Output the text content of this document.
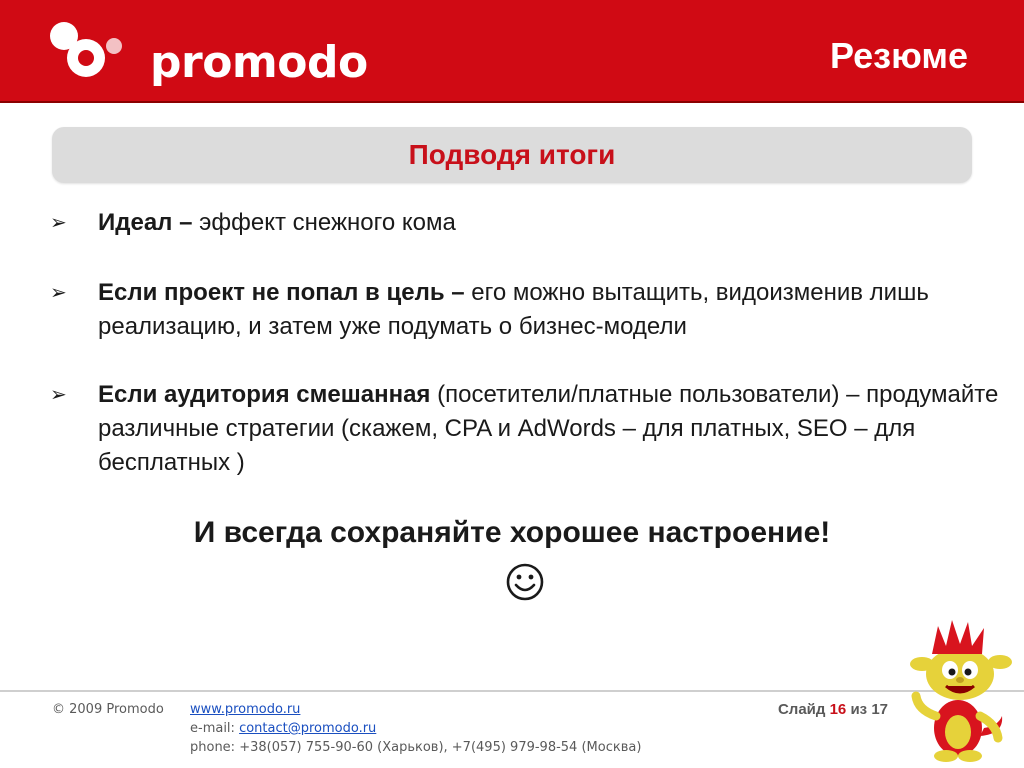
promodo	Резюме
Подводя итоги
➢	Идеал – эффект снежного кома
➢	Если проект не попал в цель – его можно вытащить, видоизменив лишь реализацию, и затем уже подумать о бизнес-модели
➢	Если аудитория смешанная (посетители/платные пользователи) – продумайте различные стратегии (скажем, CPA и AdWords – для платных, SEO – для бесплатных )
И всегда сохраняйте хорошее настроение!
© 2009 Promodo www.promodo.ru
e-mail: contact@promodo.ru
phone: +38(057) 755-90-60 (Харьков), +7(495) 979-98-54 (Москва)
Слайд 16 из 17
